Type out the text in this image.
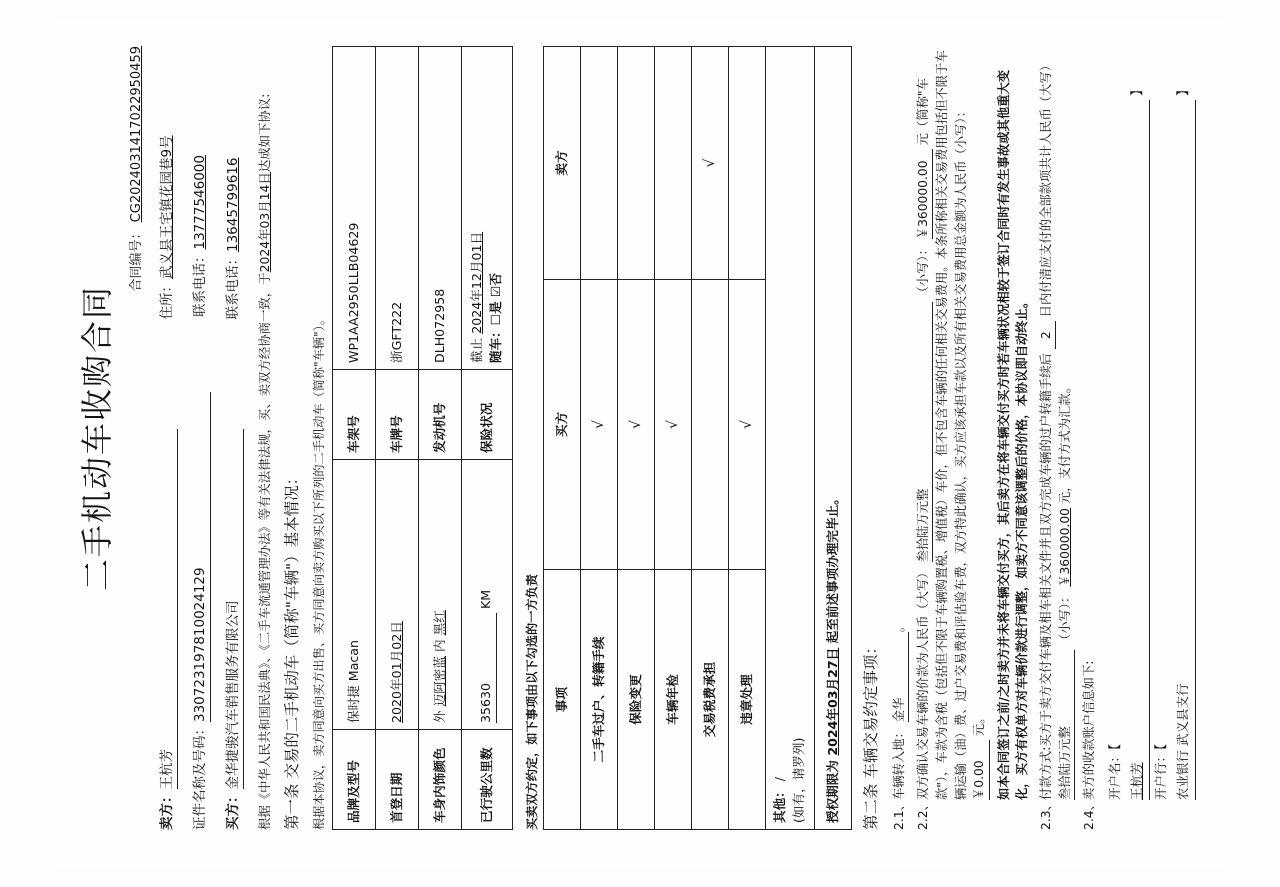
二手机动车收购合同
合同编号： CG20240314170229504​59
卖方：
王杭芳
住所：
武义县王宅镇花园巷9号
证件名称及号码：
330723197810024129
联系电话：
13777546000
买方：
金华捷骏汽车销售服务有限公司
联系电话：
13645799616

根据《中华人民共和国民法典》、《二手车流通管理办法》等有关法律法规，买、卖双方经协商一致，于2024年03月14日达成如下协议:

第一条 交易的二手机动车（简称"车辆"）基本情况： 根据本协议，卖方同意向买方出售、买方同意向卖方购买以下所列的二手机动车（简称"车辆"）。 品牌及型号	保时捷 Macan	车架号	WP1AA2950LLB04629
首登日期	2020年01月02日	车牌号	浙GFT222
车身内饰颜色	外 迈阿密蓝 内 黑红	发动机号	DLH072958
已行驶公里数	35630 KM	保险状况	截止 2024年12月01日 随车：☐是 ☑否
买卖双方约定，如下事项由以下勾选的一方负责 事项	买方	卖方
二手车过户、转籍手续	√	
保险变更	√	
车辆年检	√	
交易税费承担		√
违章处理	√	
其他： / (如有，请罗列)		
授权期限为 2024年03月27日 起至前述事项办理完毕止。		
第二条 车辆交易约定事项： 2.1、
车辆转入地： 金华。
2.2、
双方确认交易车辆的价款为人民币（大写） 叁拾陆万元整 （小写）： ￥360000.00 元（简称"车款"），车款为含税（包括但不限于车辆购置税、增值税）车价，但不包含车辆的任何相关交易费用。本条所称相关交易费用包括但不限于车辆运输（油）费、过户交易费和评估验车费，双方特此确认，买方应该承担车款以及所有相关交易费用总金额为人民币（小写）： ￥0.00 元。 如本合同签订之前/之时卖方并未将车辆交付买方，其后卖方在将车辆交付买方时若车辆状况相较于签订合同时有发生事故或其他重大变化，买方有权单方对车辆价款进行调整，如卖方不同意该调整后的价格，本协议即自动终止。
2.3、
付款方式:买方于卖方交付车辆及相车相关文件并且双方完成车辆的过户转籍手续后 2 日内付清应支付的全部款项共计人民币（大写） 叁拾陆万元整 （小写）： ￥360000.00 元，支付方式为汇款。
2.4、
卖方的收款账户信息如下: 开户名：【 王杭芳 】
开户行：【 农业银行 武义县支行 】
